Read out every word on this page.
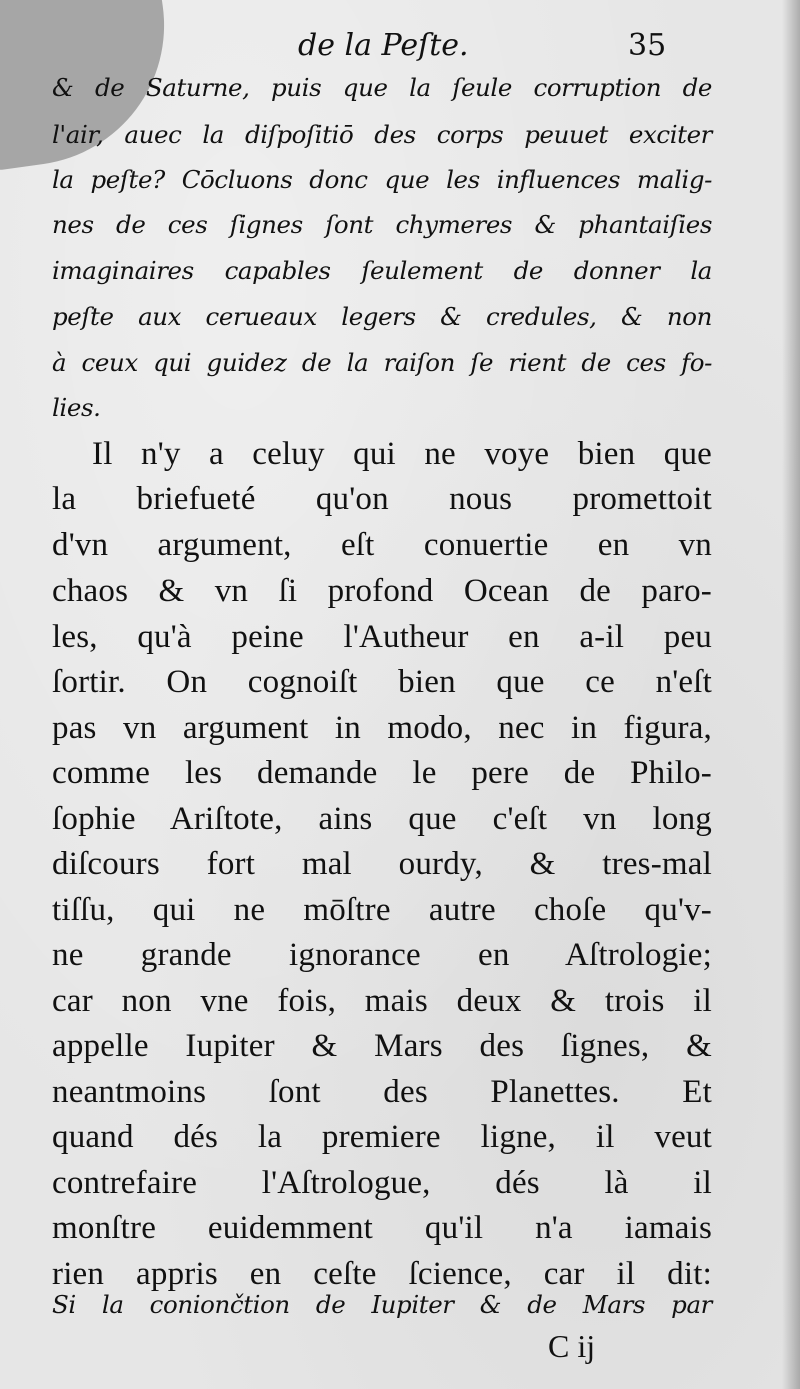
de la Peſte.	35
& de Saturne, puis que la ſeule corruption de
l'air, auec la diſpoſitiō des corps peuuet exciter
la peſte? Cōcluons donc que les influences malig-
nes de ces ſignes ſont chymeres & phantaiſies
imaginaires capables ſeulement de donner la
peſte aux cerueaux legers & credules, & non
à ceux qui guidez de la raiſon ſe rient de ces fo-
lies.
Il n'y a celuy qui ne voye bien que
la briefueté qu'on nous promettoit
d'vn argument, eſt conuertie en vn
chaos & vn ſi profond Ocean de paro-
les, qu'à peine l'Autheur en a-il peu
ſortir. On cognoiſt bien que ce n'eſt
pas vn argument in modo, nec in figura,
comme les demande le pere de Philo-
ſophie Ariſtote, ains que c'eſt vn long
diſcours fort mal ourdy, & tres-mal
tiſſu, qui ne mōſtre autre choſe qu'v-
ne grande ignorance en Aſtrologie;
car non vne fois, mais deux & trois il
appelle Iupiter & Mars des ſignes, &
neantmoins ſont des Planettes. Et
quand dés la premiere ligne, il veut
contrefaire l'Aſtrologue, dés là il
monſtre euidemment qu'il n'a iamais
rien appris en ceſte ſcience, car il dit:
Si la coniončtion de Iupiter & de Mars par
C ij
